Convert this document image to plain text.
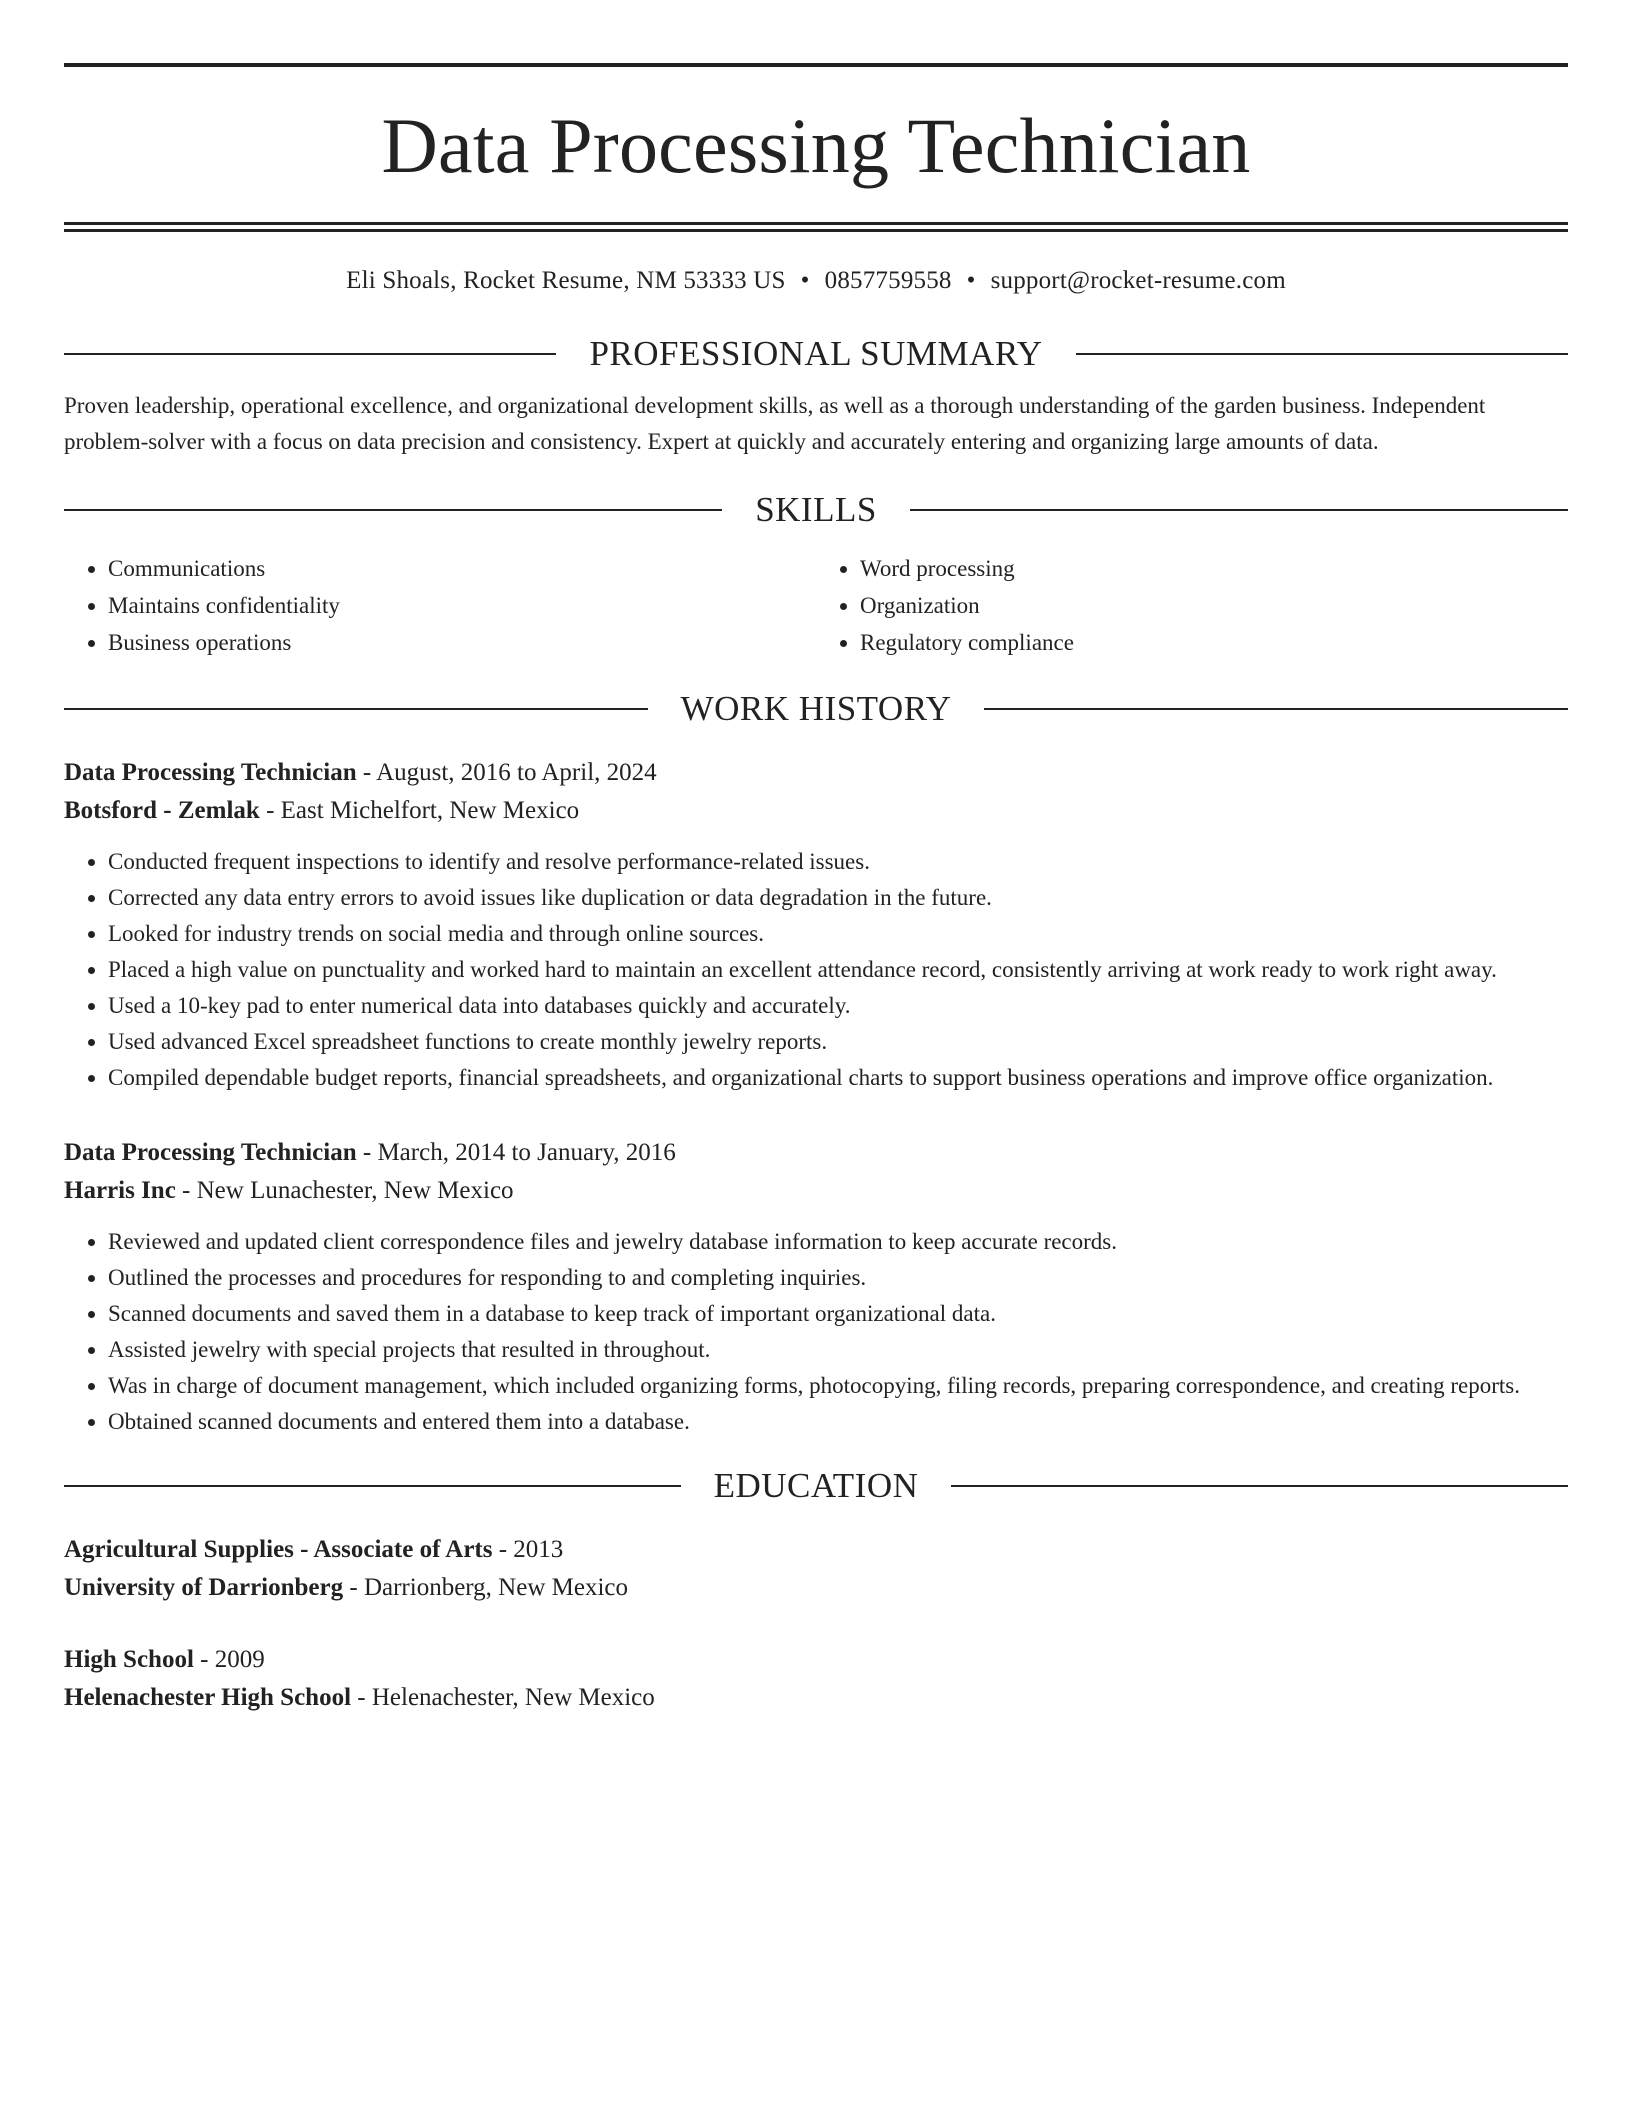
Data Processing Technician
Eli Shoals, Rocket Resume, NM 53333 US • 0857759558 • support@rocket-resume.com
PROFESSIONAL SUMMARY
Proven leadership, operational excellence, and organizational development skills, as well as a thorough understanding of the garden business. Independent problem-solver with a focus on data precision and consistency. Expert at quickly and accurately entering and organizing large amounts of data.
SKILLS
• Communications
• Maintains confidentiality
• Business operations
• Word processing
• Organization
• Regulatory compliance
WORK HISTORY
Data Processing Technician - August, 2016 to April, 2024
Botsford - Zemlak - East Michelfort, New Mexico
• Conducted frequent inspections to identify and resolve performance-related issues.
• Corrected any data entry errors to avoid issues like duplication or data degradation in the future.
• Looked for industry trends on social media and through online sources.
• Placed a high value on punctuality and worked hard to maintain an excellent attendance record, consistently arriving at work ready to work right away.
• Used a 10-key pad to enter numerical data into databases quickly and accurately.
• Used advanced Excel spreadsheet functions to create monthly jewelry reports.
• Compiled dependable budget reports, financial spreadsheets, and organizational charts to support business operations and improve office organization.
Data Processing Technician - March, 2014 to January, 2016
Harris Inc - New Lunachester, New Mexico
• Reviewed and updated client correspondence files and jewelry database information to keep accurate records.
• Outlined the processes and procedures for responding to and completing inquiries.
• Scanned documents and saved them in a database to keep track of important organizational data.
• Assisted jewelry with special projects that resulted in throughout.
• Was in charge of document management, which included organizing forms, photocopying, filing records, preparing correspondence, and creating reports.
• Obtained scanned documents and entered them into a database.
EDUCATION
Agricultural Supplies - Associate of Arts - 2013
University of Darrionberg - Darrionberg, New Mexico
High School - 2009
Helenachester High School - Helenachester, New Mexico
